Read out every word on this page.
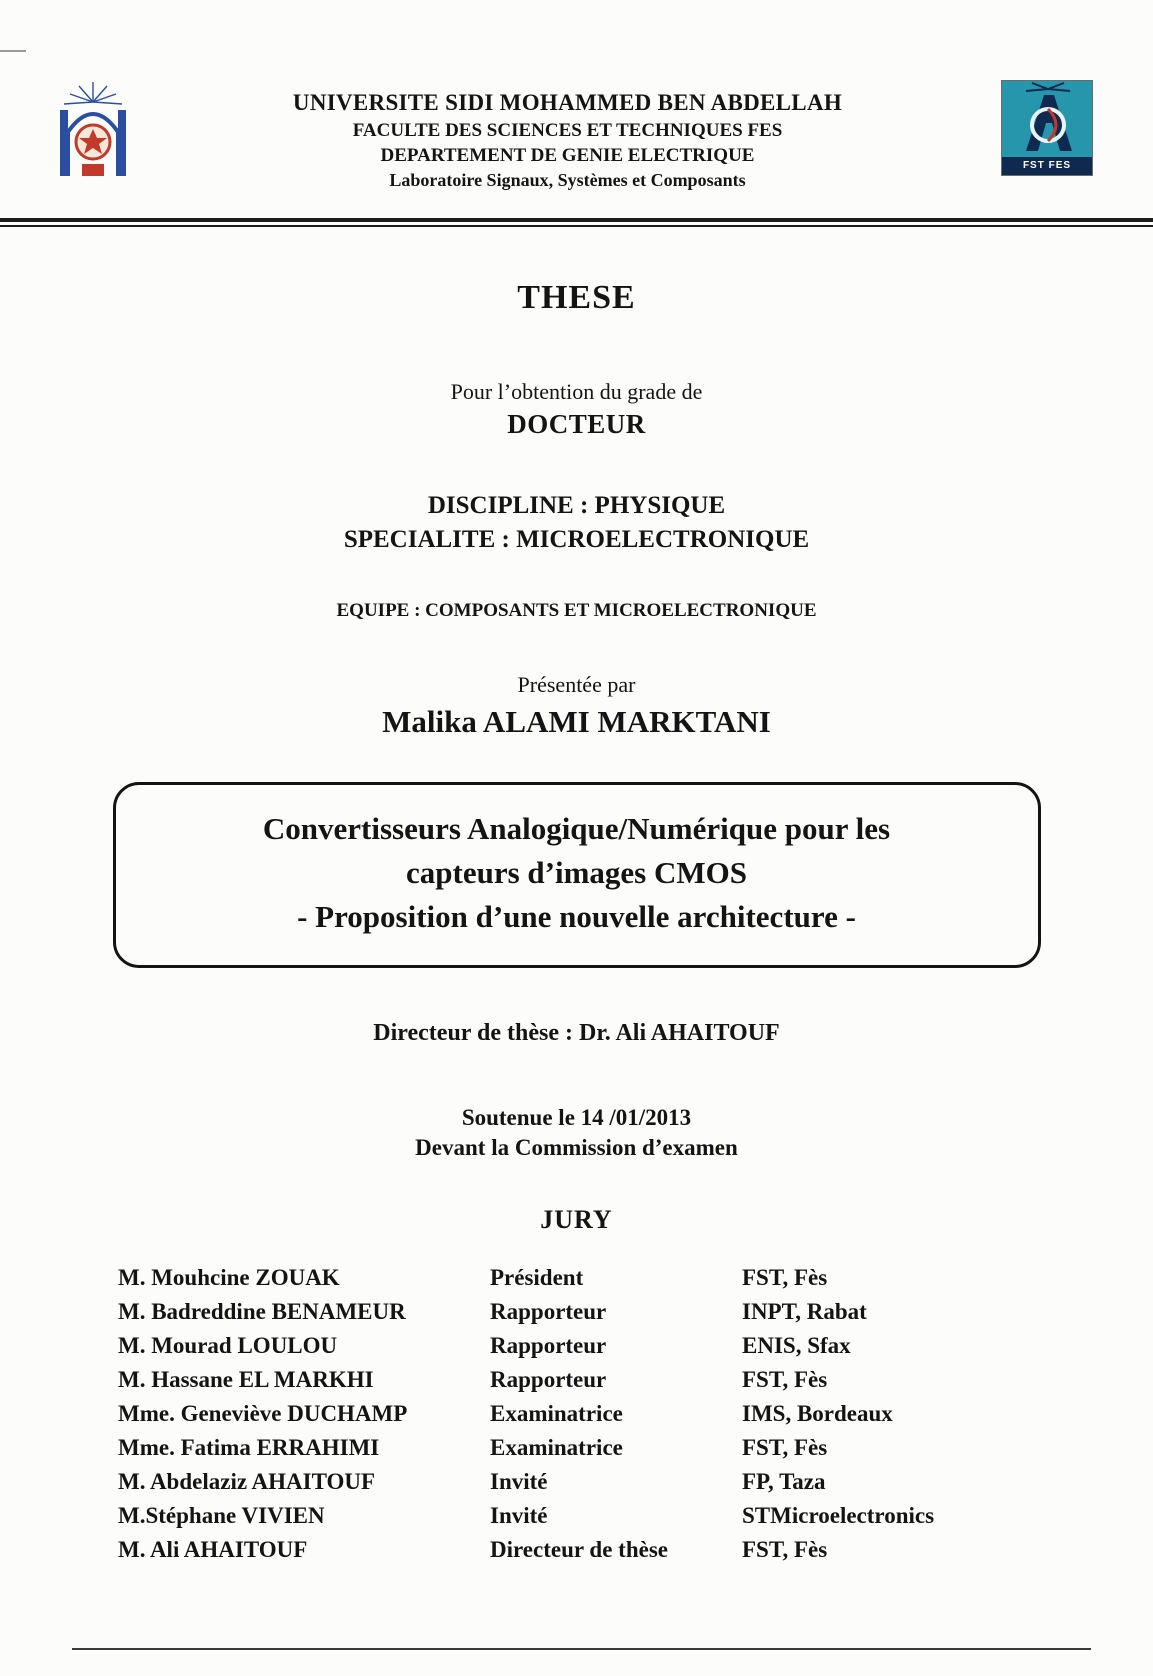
UNIVERSITE SIDI MOHAMMED BEN ABDELLAH
FACULTE DES SCIENCES ET TECHNIQUES FES
DEPARTEMENT DE GENIE ELECTRIQUE
Laboratoire Signaux, Systèmes et Composants
FST FES
THESE
Pour l’obtention du grade de
DOCTEUR
DISCIPLINE : PHYSIQUE
SPECIALITE : MICROELECTRONIQUE
EQUIPE : COMPOSANTS ET MICROELECTRONIQUE
Présentée par
Malika ALAMI MARKTANI
Convertisseurs Analogique/Numérique pour les
capteurs d’images CMOS
- Proposition d’une nouvelle architecture -
Directeur de thèse : Dr. Ali AHAITOUF
Soutenue le 14 /01/2013
Devant la Commission d’examen
JURY
M. Mouhcine ZOUAK	Président	FST, Fès
M. Badreddine BENAMEUR	Rapporteur	INPT, Rabat
M. Mourad LOULOU	Rapporteur	ENIS, Sfax
M. Hassane EL MARKHI	Rapporteur	FST, Fès
Mme. Geneviève DUCHAMP	Examinatrice	IMS, Bordeaux
Mme. Fatima ERRAHIMI	Examinatrice	FST, Fès
M. Abdelaziz AHAITOUF	Invité	FP, Taza
M.Stéphane VIVIEN	Invité	STMicroelectronics
M. Ali AHAITOUF	Directeur de thèse	FST, Fès
